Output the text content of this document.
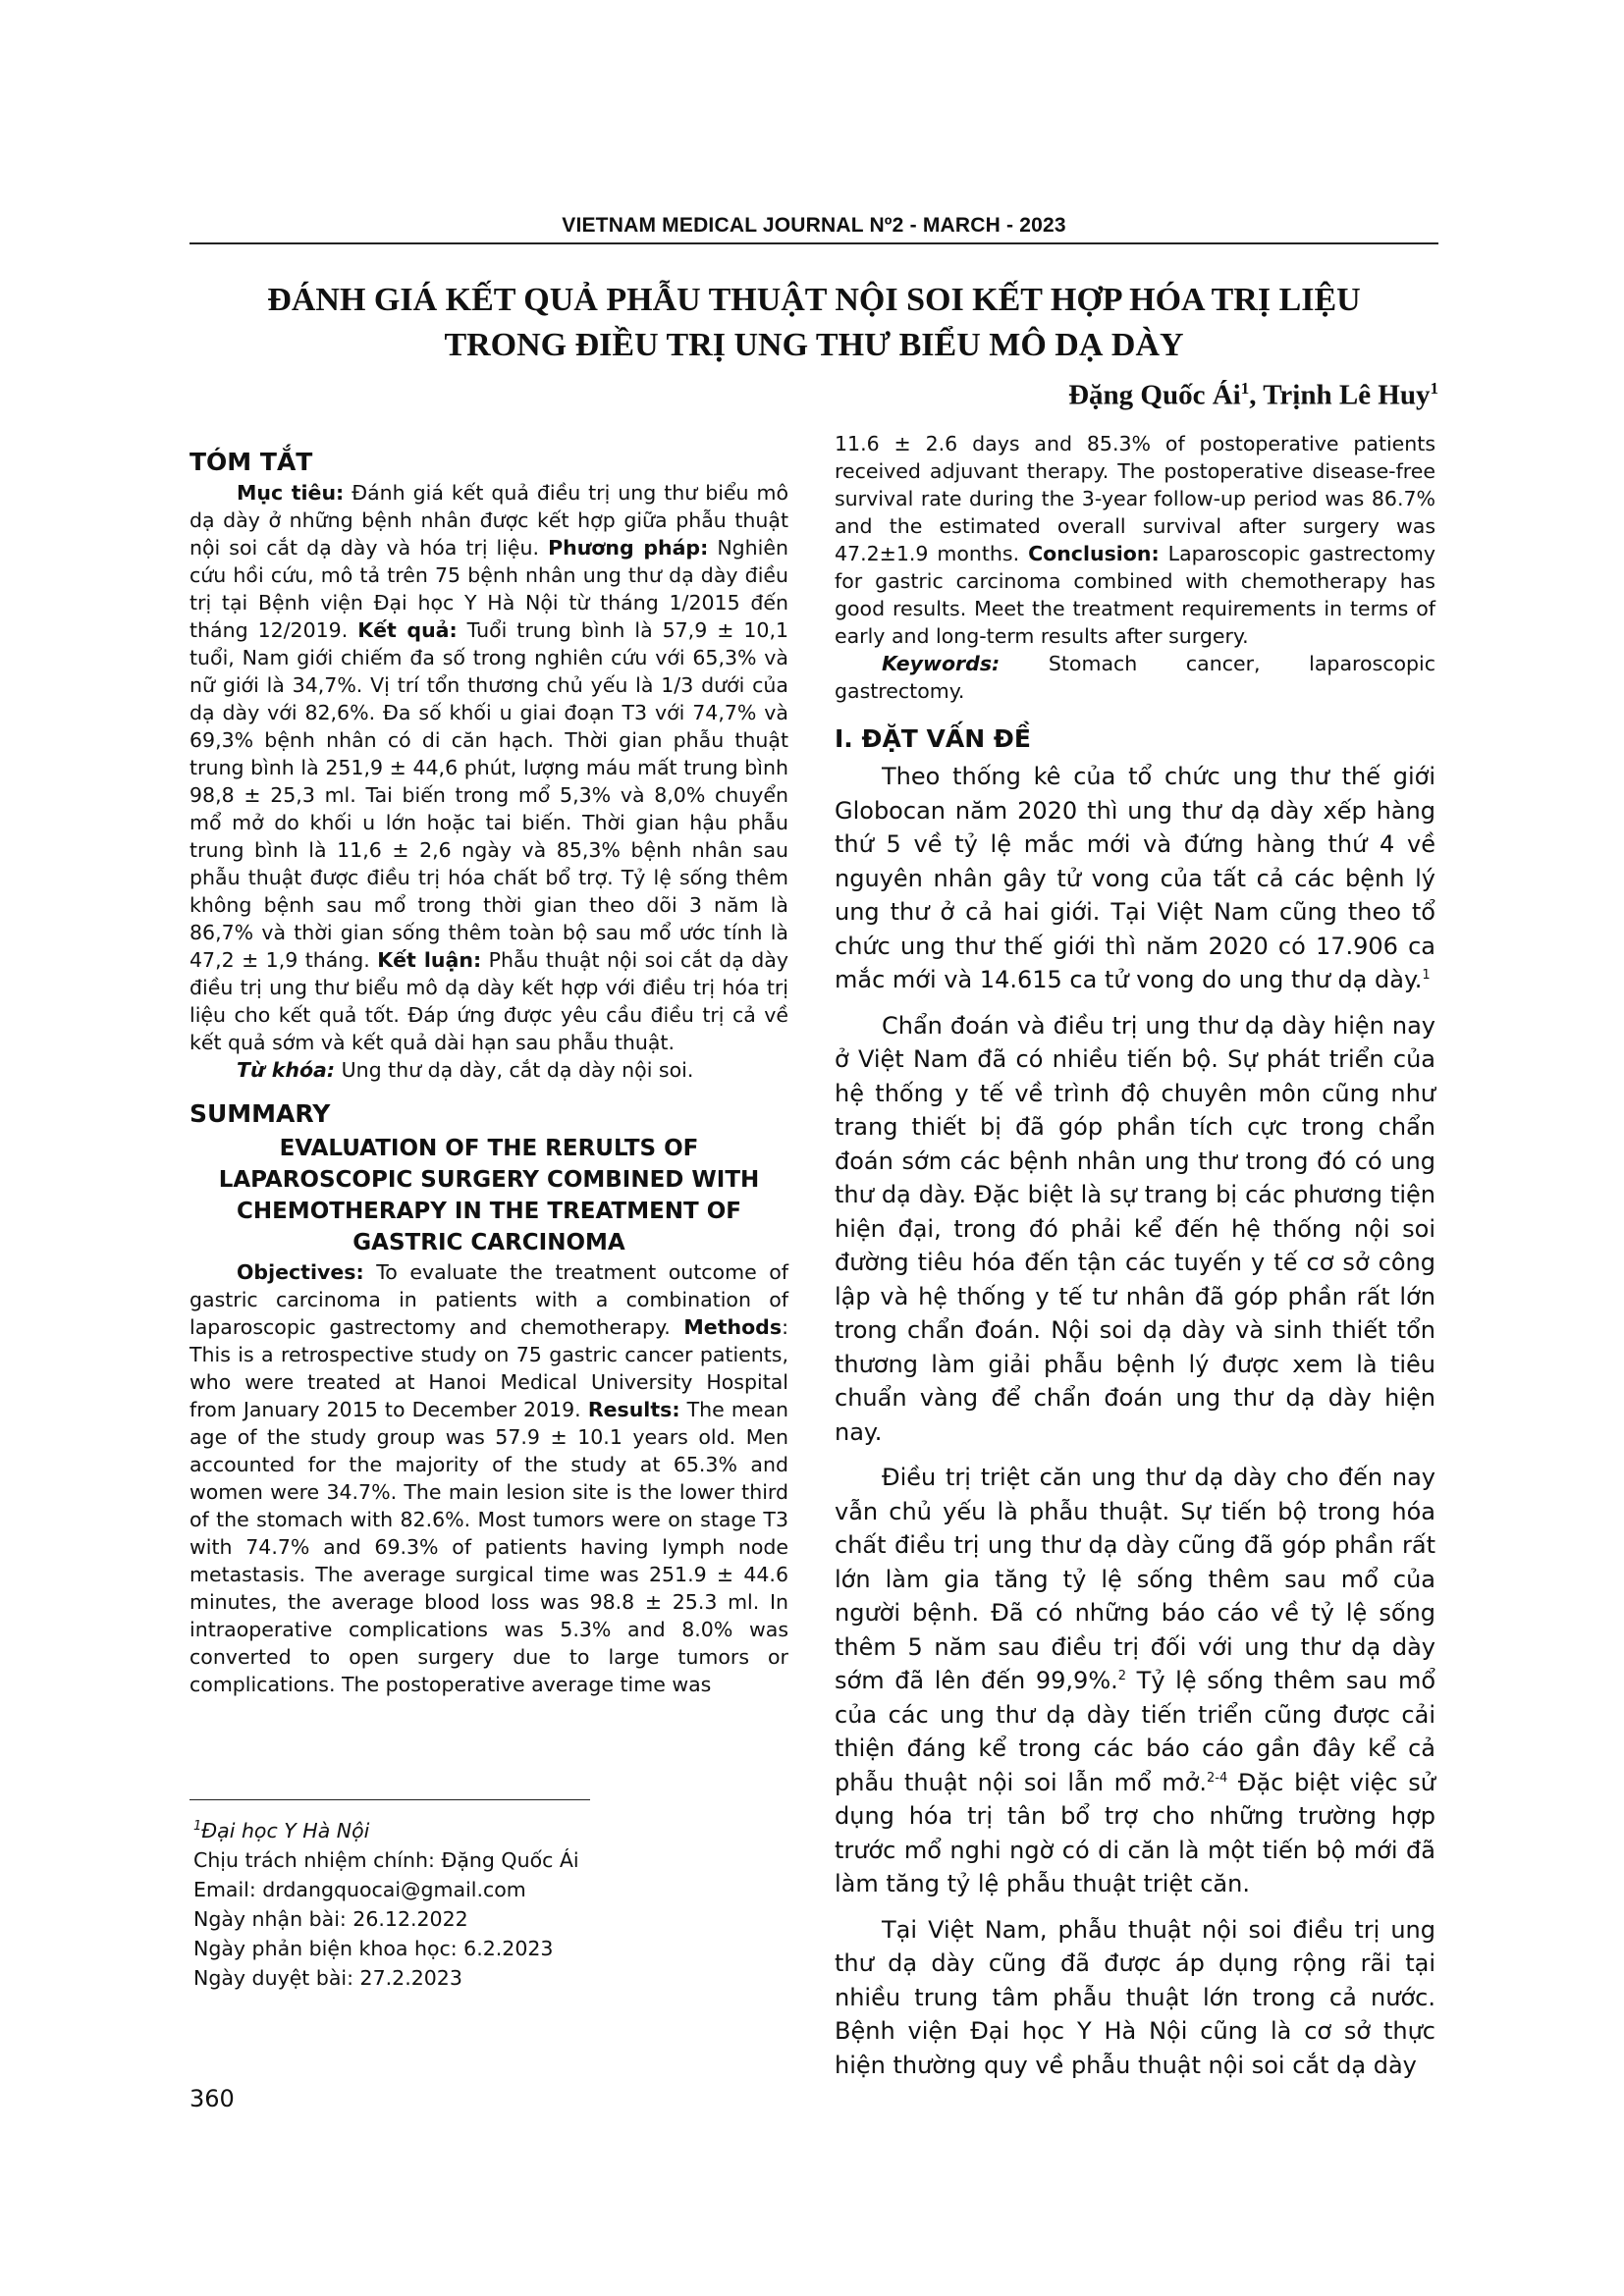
VIETNAM MEDICAL JOURNAL Nº2 - MARCH - 2023
ĐÁNH GIÁ KẾT QUẢ PHẪU THUẬT NỘI SOI KẾT HỢP HÓA TRỊ LIỆU
TRONG ĐIỀU TRỊ UNG THƯ BIỂU MÔ DẠ DÀY
Đặng Quốc $Ái^1$, Trịnh Lê Huy$^1$
TÓM TẮT

Mục tiêu: Đánh giá kết quả điều trị ung thư biểu mô dạ dày ở những bệnh nhân được kết hợp giữa phẫu thuật nội soi cắt dạ dày và hóa trị liệu. Phương pháp: Nghiên cứu hồi cứu, mô tả trên 75 bệnh nhân ung thư dạ dày điều trị tại Bệnh viện Đại học Y Hà Nội từ tháng 1/2015 đến tháng 12/2019. Kết quả: Tuổi trung bình là 57,9 ± 10,1 tuổi, Nam giới chiếm đa số trong nghiên cứu với 65,3% và nữ giới là 34,7%. Vị trí tổn thương chủ yếu là 1/3 dưới của dạ dày với 82,6%. Đa số khối u giai đoạn T3 với 74,7% và 69,3% bệnh nhân có di căn hạch. Thời gian phẫu thuật trung bình là 251,9 ± 44,6 phút, lượng máu mất trung bình 98,8 ± 25,3 ml. Tai biến trong mổ 5,3% và 8,0% chuyển mổ mở do khối u lớn hoặc tai biến. Thời gian hậu phẫu trung bình là 11,6 ± 2,6 ngày và 85,3% bệnh nhân sau phẫu thuật được điều trị hóa chất bổ trợ. Tỷ lệ sống thêm không bệnh sau mổ trong thời gian theo dõi 3 năm là 86,7% và thời gian sống thêm toàn bộ sau mổ ước tính là 47,2 ± 1,9 tháng. Kết luận: Phẫu thuật nội soi cắt dạ dày điều trị ung thư biểu mô dạ dày kết hợp với điều trị hóa trị liệu cho kết quả tốt. Đáp ứng được yêu cầu điều trị cả về kết quả sớm và kết quả dài hạn sau phẫu thuật.

Từ khóa: Ung thư dạ dày, cắt dạ dày nội soi.

SUMMARY
EVALUATION OF THE RERULTS OF LAPAROSCOPIC SURGERY COMBINED WITH CHEMOTHERAPY IN THE TREATMENT OF GASTRIC CARCINOMA

Objectives: To evaluate the treatment outcome of gastric carcinoma in patients with a combination of laparoscopic gastrectomy and chemotherapy. Methods: This is a retrospective study on 75 gastric cancer patients, who were treated at Hanoi Medical University Hospital from January 2015 to December 2019. Results: The mean age of the study group was 57.9 ± 10.1 years old. Men accounted for the majority of the study at 65.3% and women were 34.7%. The main lesion site is the lower third of the stomach with 82.6%. Most tumors were on stage T3 with 74.7% and 69.3% of patients having lymph node metastasis. The average surgical time was 251.9 ± 44.6 minutes, the average blood loss was 98.8 ± 25.3 ml. In intraoperative complications was 5.3% and 8.0% was converted to open surgery due to large tumors or complications. The postoperative average time was

11.6 ± 2.6 days and 85.3% of postoperative patients received adjuvant therapy. The postoperative disease-free survival rate during the 3-year follow-up period was 86.7% and the estimated overall survival after surgery was 47.2±1.9 months. Conclusion: Laparoscopic gastrectomy for gastric carcinoma combined with chemotherapy has good results. Meet the treatment requirements in terms of early and long-term results after surgery.

Keywords: Stomach cancer, laparoscopic gastrectomy.

I. ĐẶT VẤN ĐỀ

Theo thống kê của tổ chức ung thư thế giới Globocan năm 2020 thì ung thư dạ dày xếp hàng thứ 5 về tỷ lệ mắc mới và đứng hàng thứ 4 về nguyên nhân gây tử vong của tất cả các bệnh lý ung thư ở cả hai giới. Tại Việt Nam cũng theo tổ chức ung thư thế giới thì năm 2020 có 17.906 ca mắc mới và 14.615 ca tử vong do ung thư dạ dày.$^1$

Chẩn đoán và điều trị ung thư dạ dày hiện nay ở Việt Nam đã có nhiều tiến bộ. Sự phát triển của hệ thống y tế về trình độ chuyên môn cũng như trang thiết bị đã góp phần tích cực trong chẩn đoán sớm các bệnh nhân ung thư trong đó có ung thư dạ dày. Đặc biệt là sự trang bị các phương tiện hiện đại, trong đó phải kể đến hệ thống nội soi đường tiêu hóa đến tận các tuyến y tế cơ sở công lập và hệ thống y tế tư nhân đã góp phần rất lớn trong chẩn đoán. Nội soi dạ dày và sinh thiết tổn thương làm giải phẫu bệnh lý được xem là tiêu chuẩn vàng để chẩn đoán ung thư dạ dày hiện nay.

Điều trị triệt căn ung thư dạ dày cho đến nay vẫn chủ yếu là phẫu thuật. Sự tiến bộ trong hóa chất điều trị ung thư dạ dày cũng đã góp phần rất lớn làm gia tăng tỷ lệ sống thêm sau mổ của người bệnh. Đã có những báo cáo về tỷ lệ sống thêm 5 năm sau điều trị đối với ung thư dạ dày sớm đã lên đến 99,9%.$^2$ Tỷ lệ sống thêm sau mổ của các ung thư dạ dày tiến triển cũng được cải thiện đáng kể trong các báo cáo gần đây kể cả phẫu thuật nội soi lẫn mổ mở.$^{2-4}$ Đặc biệt việc sử dụng hóa trị tân bổ trợ cho những trường hợp trước mổ nghi ngờ có di căn là một tiến bộ mới đã làm tăng tỷ lệ phẫu thuật triệt căn.

Tại Việt Nam, phẫu thuật nội soi điều trị ung thư dạ dày cũng đã được áp dụng rộng rãi tại nhiều trung tâm phẫu thuật lớn trong cả nước. Bệnh viện Đại học Y Hà Nội cũng là cơ sở thực hiện thường quy về phẫu thuật nội soi cắt dạ dày

$^1$Đại học Y Hà Nội
Chịu trách nhiệm chính: Đặng Quốc Ái
Email: drdangquocai@gmail.com
Ngày nhận bài: 26.12.2022
Ngày phản biện khoa học: 6.2.2023
Ngày duyệt bài: 27.2.2023
360
